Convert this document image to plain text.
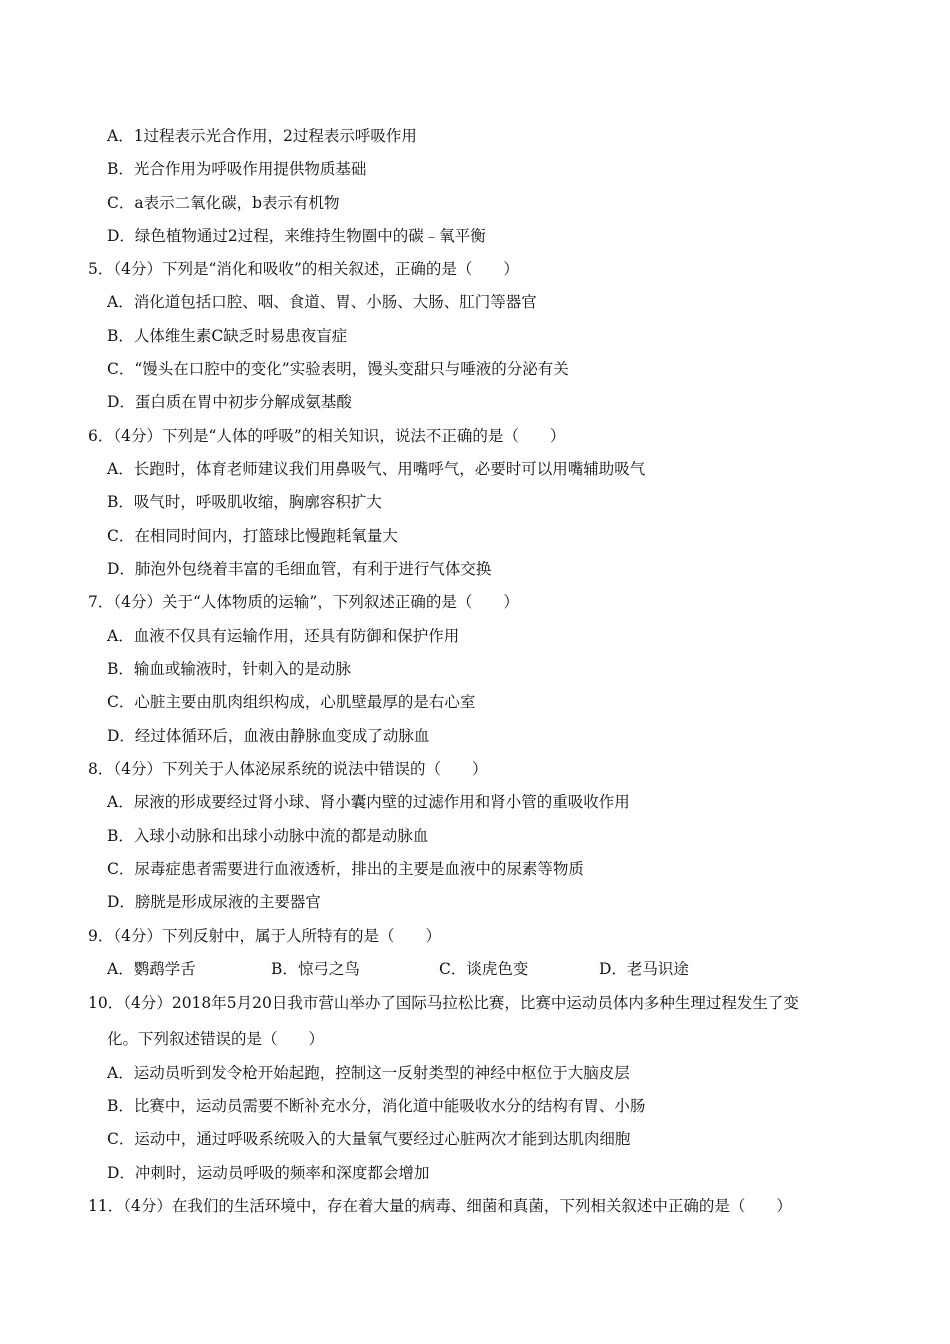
A．1过程表示光合作用，2过程表示呼吸作用
B．光合作用为呼吸作用提供物质基础
C．a表示二氧化碳，b表示有机物
D．绿色植物通过2过程，来维持生物圈中的碳﹣氧平衡
5．（4分）下列是“消化和吸收”的相关叙述，正确的是（　　）
A．消化道包括口腔、咽、食道、胃、小肠、大肠、肛门等器官
B．人体维生素C缺乏时易患夜盲症
C．“馒头在口腔中的变化”实验表明，馒头变甜只与唾液的分泌有关
D．蛋白质在胃中初步分解成氨基酸
6．（4分）下列是“人体的呼吸”的相关知识，说法不正确的是（　　）
A．长跑时，体育老师建议我们用鼻吸气、用嘴呼气，必要时可以用嘴辅助吸气
B．吸气时，呼吸肌收缩，胸廓容积扩大
C．在相同时间内，打篮球比慢跑耗氧量大
D．肺泡外包绕着丰富的毛细血管，有利于进行气体交换
7．（4分）关于“人体物质的运输”，下列叙述正确的是（　　）
A．血液不仅具有运输作用，还具有防御和保护作用
B．输血或输液时，针刺入的是动脉
C．心脏主要由肌肉组织构成，心肌壁最厚的是右心室
D．经过体循环后，血液由静脉血变成了动脉血
8．（4分）下列关于人体泌尿系统的说法中错误的（　　）
A．尿液的形成要经过肾小球、肾小囊内壁的过滤作用和肾小管的重吸收作用
B．入球小动脉和出球小动脉中流的都是动脉血
C．尿毒症患者需要进行血液透析，排出的主要是血液中的尿素等物质
D．膀胱是形成尿液的主要器官
9．（4分）下列反射中，属于人所特有的是（　　）
A．鹦鹉学舌	B．惊弓之鸟	C．谈虎色变	D．老马识途
10．（4分）2018年5月20日我市营山举办了国际马拉松比赛，比赛中运动员体内多种生理过程发生了变
化。下列叙述错误的是（　　）
A．运动员听到发令枪开始起跑，控制这一反射类型的神经中枢位于大脑皮层
B．比赛中，运动员需要不断补充水分，消化道中能吸收水分的结构有胃、小肠
C．运动中，通过呼吸系统吸入的大量氧气要经过心脏两次才能到达肌肉细胞
D．冲刺时，运动员呼吸的频率和深度都会增加
11．（4分）在我们的生活环境中，存在着大量的病毒、细菌和真菌，下列相关叙述中正确的是（　　）
